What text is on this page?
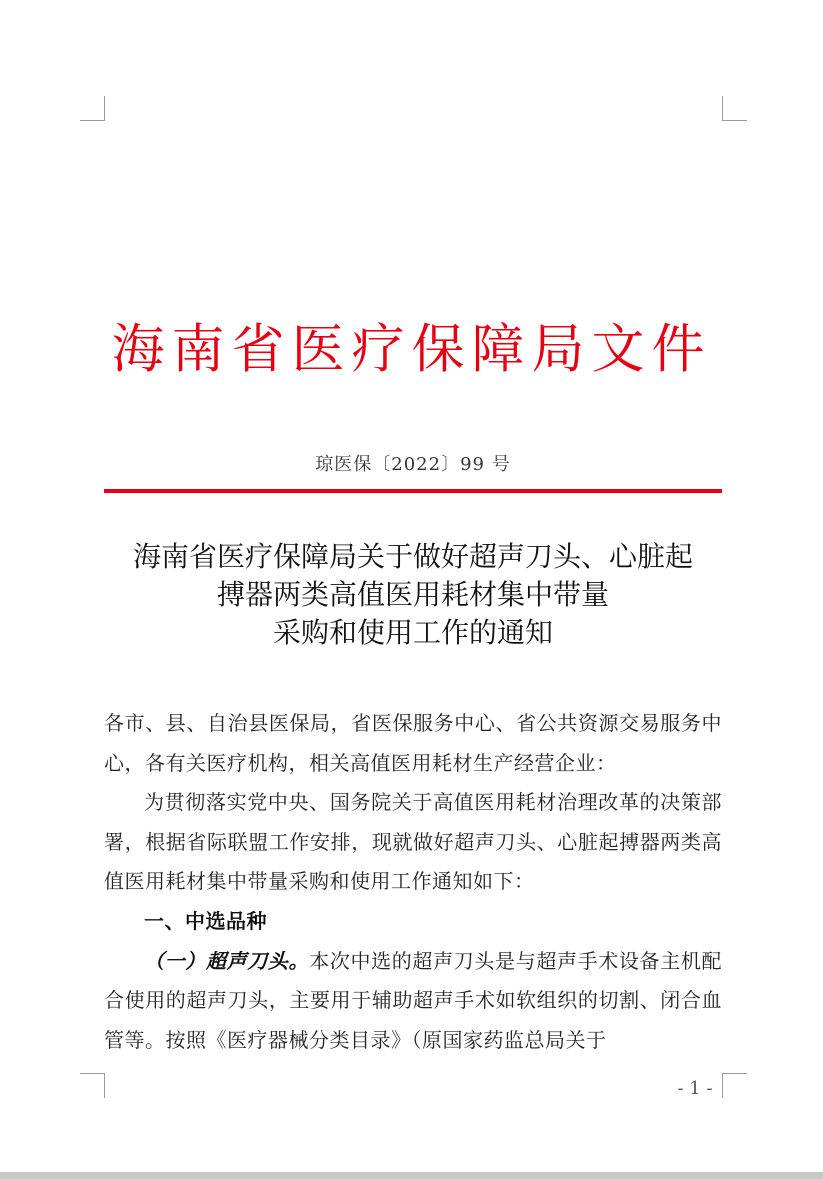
海南省医疗保障局文件
琼医保〔2022〕99 号
海南省医疗保障局关于做好超声刀头、心脏起
搏器两类高值医用耗材集中带量
采购和使用工作的通知

各市、县、自治县医保局，省医保服务中心、省公共资源交易服务中心，各有关医疗机构，相关高值医用耗材生产经营企业：

为贯彻落实党中央、国务院关于高值医用耗材治理改革的决策部署，根据省际联盟工作安排，现就做好超声刀头、心脏起搏器两类高值医用耗材集中带量采购和使用工作通知如下：

一、中选品种

（一）超声刀头。本次中选的超声刀头是与超声手术设备主机配合使用的超声刀头，主要用于辅助超声手术如软组织的切割、闭合血管等。按照《医疗器械分类目录》（原国家药监总局关于

- 1 -
